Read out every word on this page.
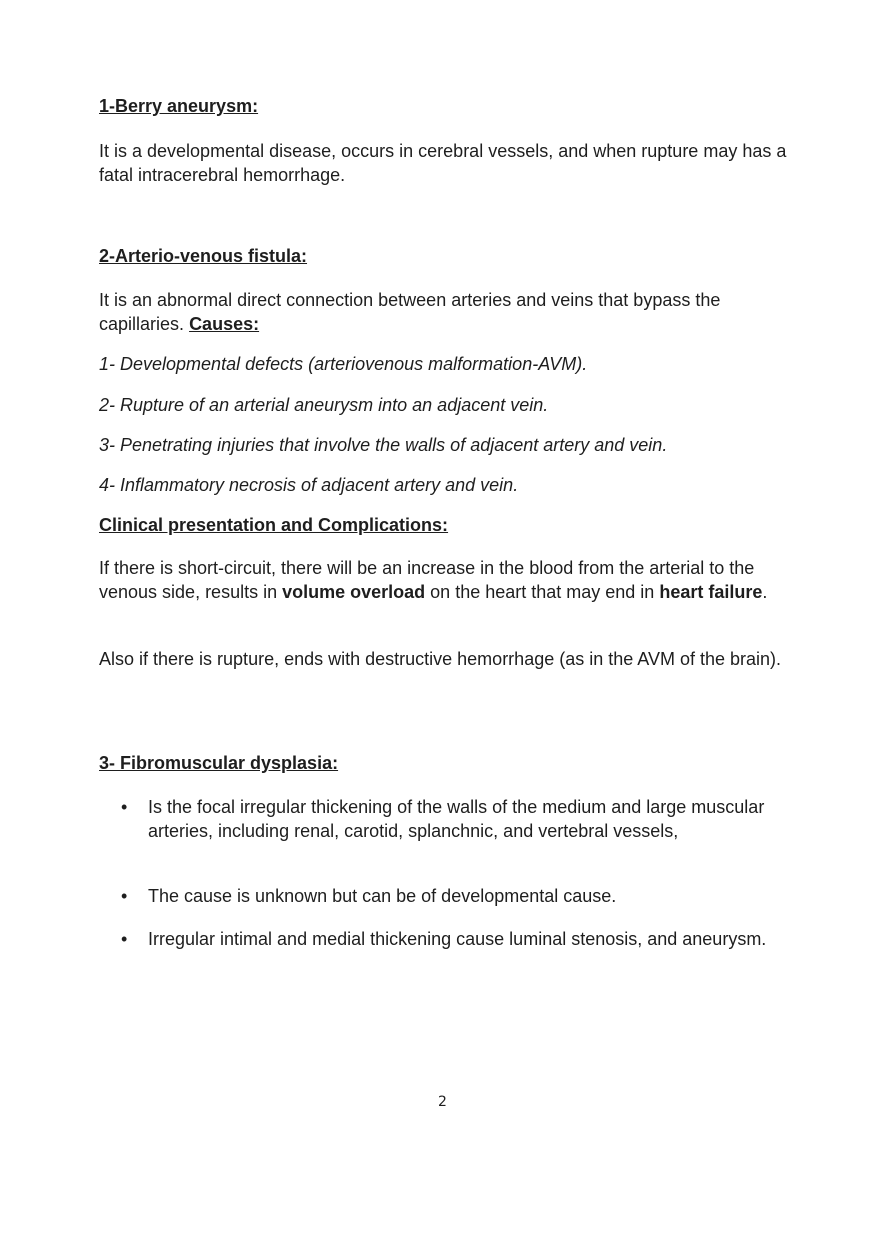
1-Berry aneurysm:

It is a developmental disease, occurs in cerebral vessels, and when rupture may has a fatal intracerebral hemorrhage.

2-Arterio-venous fistula:

It is an abnormal direct connection between arteries and veins that bypass the capillaries. Causes:

1- Developmental defects (arteriovenous malformation-AVM).

2- Rupture of an arterial aneurysm into an adjacent vein.

3- Penetrating injuries that involve the walls of adjacent artery and vein.

4- Inflammatory necrosis of adjacent artery and vein.

Clinical presentation and Complications:

If there is short-circuit, there will be an increase in the blood from the arterial to the venous side, results in volume overload on the heart that may end in heart failure.

Also if there is rupture, ends with destructive hemorrhage (as in the AVM of the brain).

3- Fibromuscular dysplasia:
•	Is the focal irregular thickening of the walls of the medium and large muscular arteries, including renal, carotid, splanchnic, and vertebral vessels,
•	The cause is unknown but can be of developmental cause.
•	Irregular intimal and medial thickening cause luminal stenosis, and aneurysm.
2
